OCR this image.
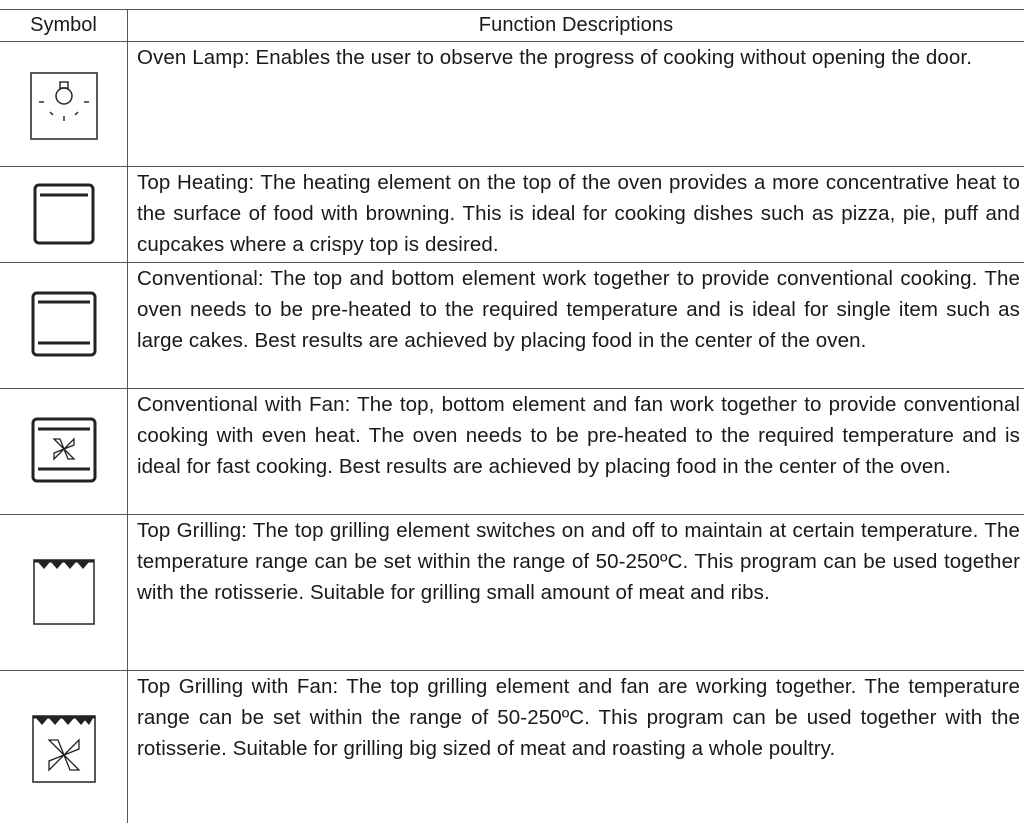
Symbol	Function Descriptions
Oven Lamp: Enables the user to observe the progress of cooking without opening the door.
Top Heating: The heating element on the top of the oven provides a more concentrative heat to the surface of food with browning. This is ideal for cooking dishes such as pizza, pie, puff and cupcakes where a crispy top is desired.
Conventional: The top and bottom element work together to provide conventional cooking. The oven needs to be pre-heated to the required temperature and is ideal for single item such as large cakes. Best results are achieved by placing food in the center of the oven.
Conventional with Fan: The top, bottom element and fan work together to provide conventional cooking with even heat. The oven needs to be pre-heated to the required temperature and is ideal for fast cooking. Best results are achieved by placing food in the center of the oven.
Top Grilling: The top grilling element switches on and off to maintain at certain temperature. The temperature range can be set within the range of 50-250ºC. This program can be used together with the rotisserie. Suitable for grilling small amount of meat and ribs.
Top Grilling with Fan: The top grilling element and fan are working together. The temperature range can be set within the range of 50-250ºC. This program can be used together with the rotisserie. Suitable for grilling big sized of meat and roasting a whole poultry.
